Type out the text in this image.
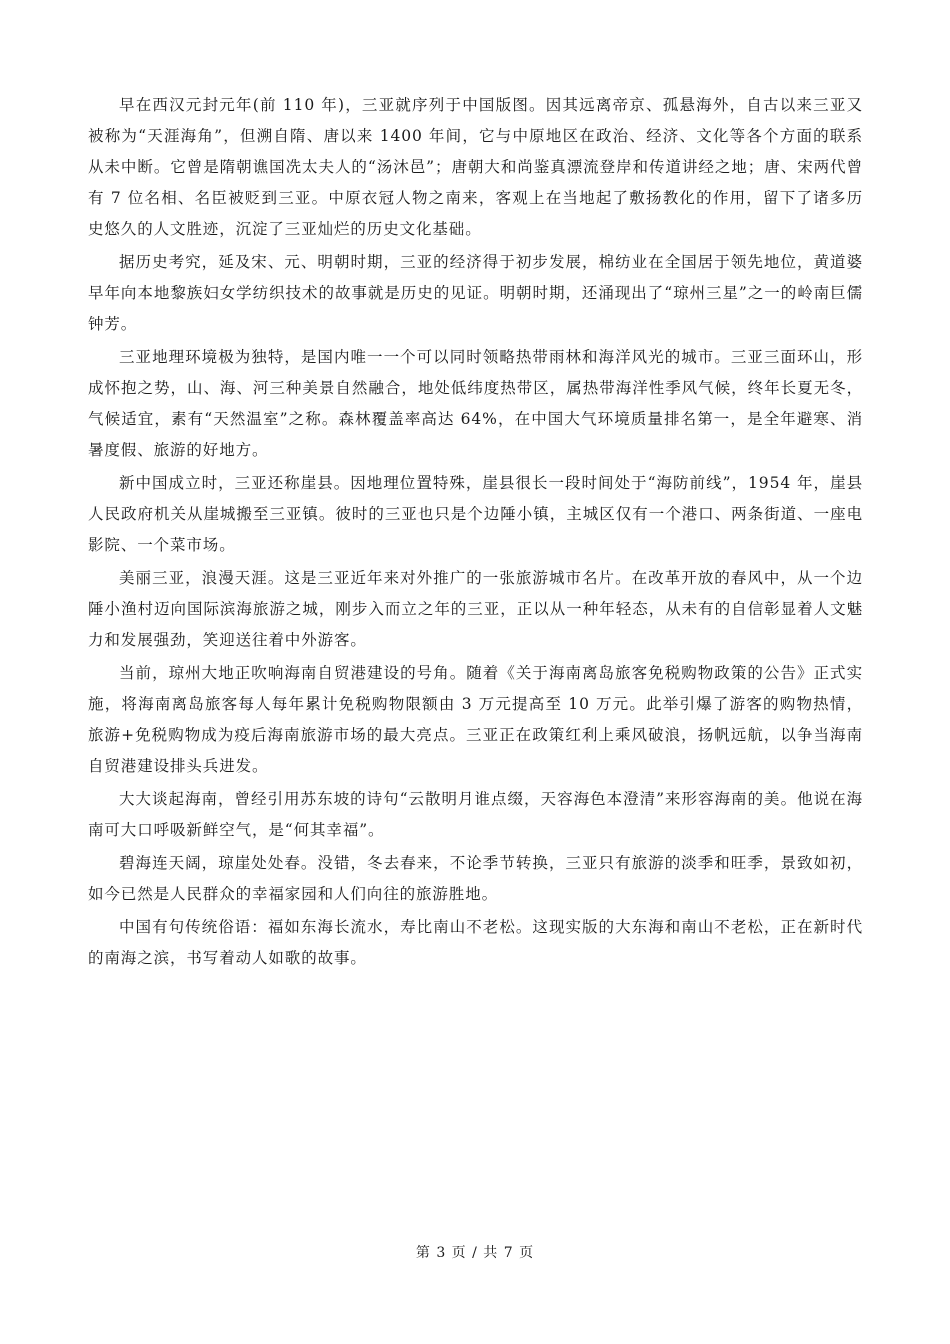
早在西汉元封元年(前 110 年)，三亚就序列于中国版图。因其远离帝京、孤悬海外，自古以来三亚又被称为“天涯海角”，但溯自隋、唐以来 1400 年间，它与中原地区在政治、经济、文化等各个方面的联系从未中断。它曾是隋朝谯国冼太夫人的“汤沐邑”；唐朝大和尚鉴真漂流登岸和传道讲经之地；唐、宋两代曾有 7 位名相、名臣被贬到三亚。中原衣冠人物之南来，客观上在当地起了敷扬教化的作用，留下了诸多历史悠久的人文胜迹，沉淀了三亚灿烂的历史文化基础。

据历史考究，延及宋、元、明朝时期，三亚的经济得于初步发展，棉纺业在全国居于领先地位，黄道婆早年向本地黎族妇女学纺织技术的故事就是历史的见证。明朝时期，还涌现出了“琼州三星”之一的岭南巨儒钟芳。

三亚地理环境极为独特，是国内唯一一个可以同时领略热带雨林和海洋风光的城市。三亚三面环山，形成怀抱之势，山、海、河三种美景自然融合，地处低纬度热带区，属热带海洋性季风气候，终年长夏无冬，气候适宜，素有“天然温室”之称。森林覆盖率高达 64%，在中国大气环境质量排名第一，是全年避寒、消暑度假、旅游的好地方。

新中国成立时，三亚还称崖县。因地理位置特殊，崖县很长一段时间处于“海防前线”，1954 年，崖县人民政府机关从崖城搬至三亚镇。彼时的三亚也只是个边陲小镇，主城区仅有一个港口、两条街道、一座电影院、一个菜市场。

美丽三亚，浪漫天涯。这是三亚近年来对外推广的一张旅游城市名片。在改革开放的春风中，从一个边陲小渔村迈向国际滨海旅游之城，刚步入而立之年的三亚，正以从一种年轻态，从未有的自信彰显着人文魅力和发展强劲，笑迎送往着中外游客。

当前，琼州大地正吹响海南自贸港建设的号角。随着《关于海南离岛旅客免税购物政策的公告》正式实施，将海南离岛旅客每人每年累计免税购物限额由 3 万元提高至 10 万元。此举引爆了游客的购物热情，旅游+免税购物成为疫后海南旅游市场的最大亮点。三亚正在政策红利上乘风破浪，扬帆远航，以争当海南自贸港建设排头兵进发。

大大谈起海南，曾经引用苏东坡的诗句“云散明月谁点缀，天容海色本澄清”来形容海南的美。他说在海南可大口呼吸新鲜空气，是“何其幸福”。

碧海连天阔，琼崖处处春。没错，冬去春来，不论季节转换，三亚只有旅游的淡季和旺季，景致如初，如今已然是人民群众的幸福家园和人们向往的旅游胜地。

中国有句传统俗语：福如东海长流水，寿比南山不老松。这现实版的大东海和南山不老松，正在新时代的南海之滨，书写着动人如歌的故事。

第 3 页 / 共 7 页
